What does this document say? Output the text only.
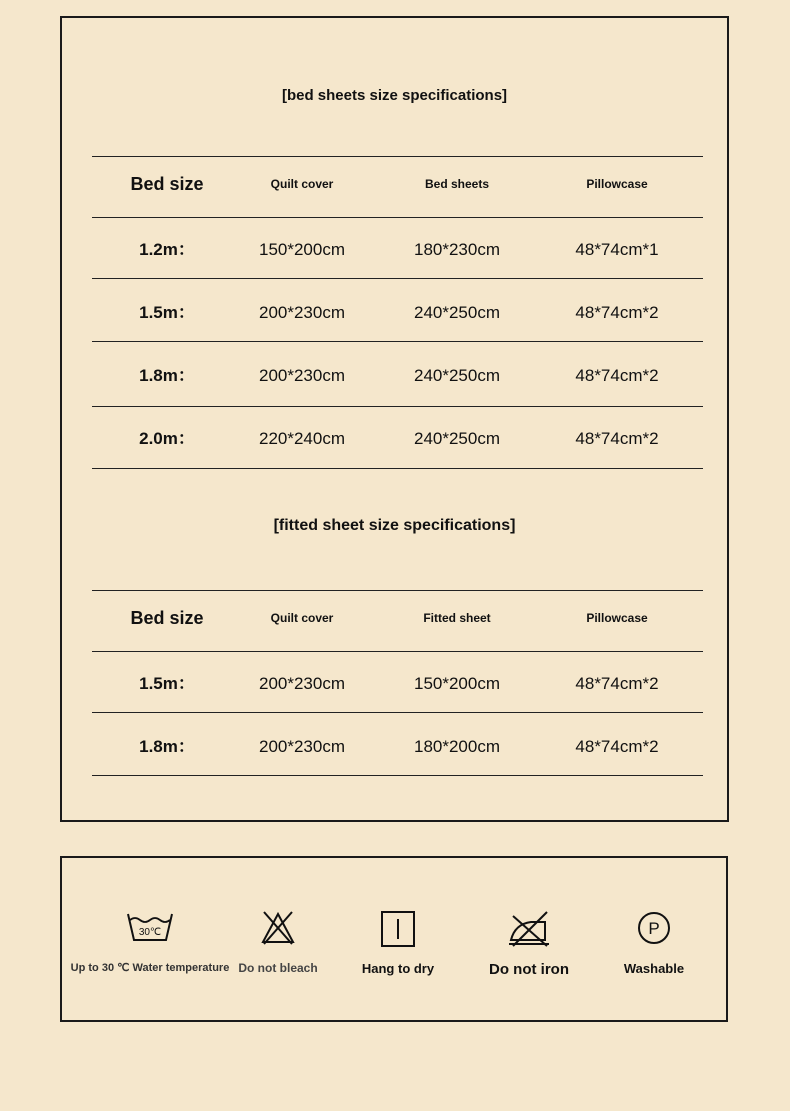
[bed sheets size specifications]
Bed size	Quilt cover	Bed sheets	Pillowcase
1.2m：	150*200cm	180*230cm	48*74cm*1
1.5m：	200*230cm	240*250cm	48*74cm*2
1.8m：	200*230cm	240*250cm	48*74cm*2
2.0m：	220*240cm	240*250cm	48*74cm*2
[fitted sheet size specifications]
Bed size	Quilt cover	Fitted sheet	Pillowcase
1.5m：	200*230cm	150*200cm	48*74cm*2
1.8m：	200*230cm	180*200cm	48*74cm*2
30℃
Up to 30 ℃ Water temperature Do not bleach	Hang to dry	Do not iron
P
Washable
